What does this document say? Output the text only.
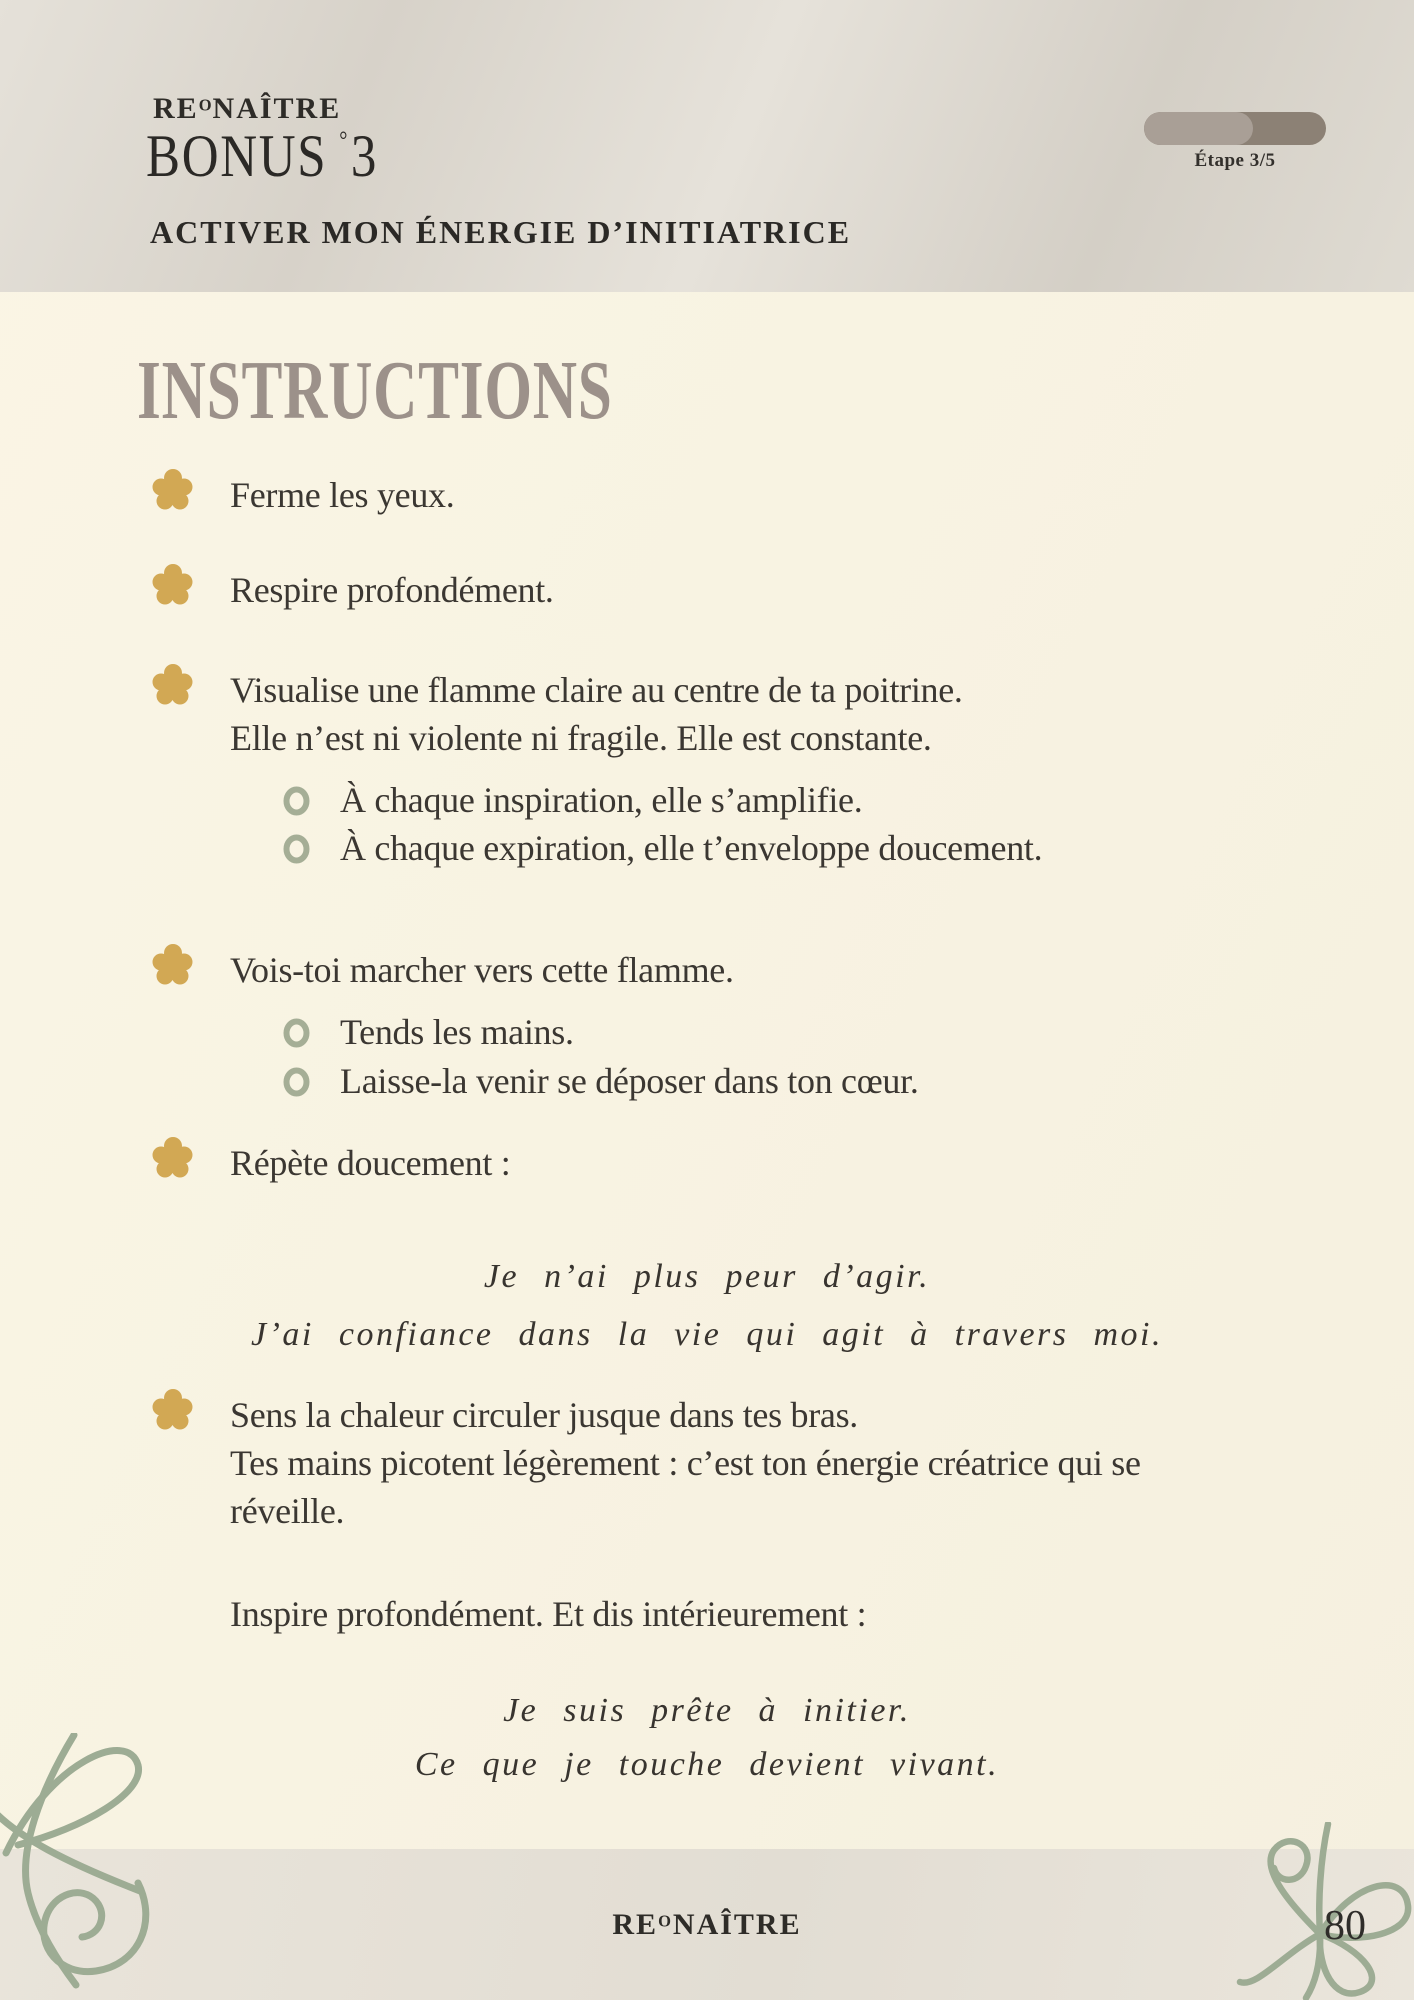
$RE^ONAÎTRE$
BONUS °3
ACTIVER MON ÉNERGIE D’INITIATRICE
Étape 3/5
INSTRUCTIONS
Ferme les yeux.
Respire profondément.
Visualise une flamme claire au centre de ta poitrine.
Elle n’est ni violente ni fragile. Elle est constante.
À chaque inspiration, elle s’amplifie.
À chaque expiration, elle t’enveloppe doucement.
Vois-toi marcher vers cette flamme.
Tends les mains.
Laisse-la venir se déposer dans ton cœur.
Répète doucement :
Je n’ai plus peur d’agir.
J’ai confiance dans la vie qui agit à travers moi.
Sens la chaleur circuler jusque dans tes bras.
Tes mains picotent légèrement : c’est ton énergie créatrice qui se
réveille.
Inspire profondément. Et dis intérieurement :
Je suis prête à initier.
Ce que je touche devient vivant.
$RE^ONAÎTRE$	80
